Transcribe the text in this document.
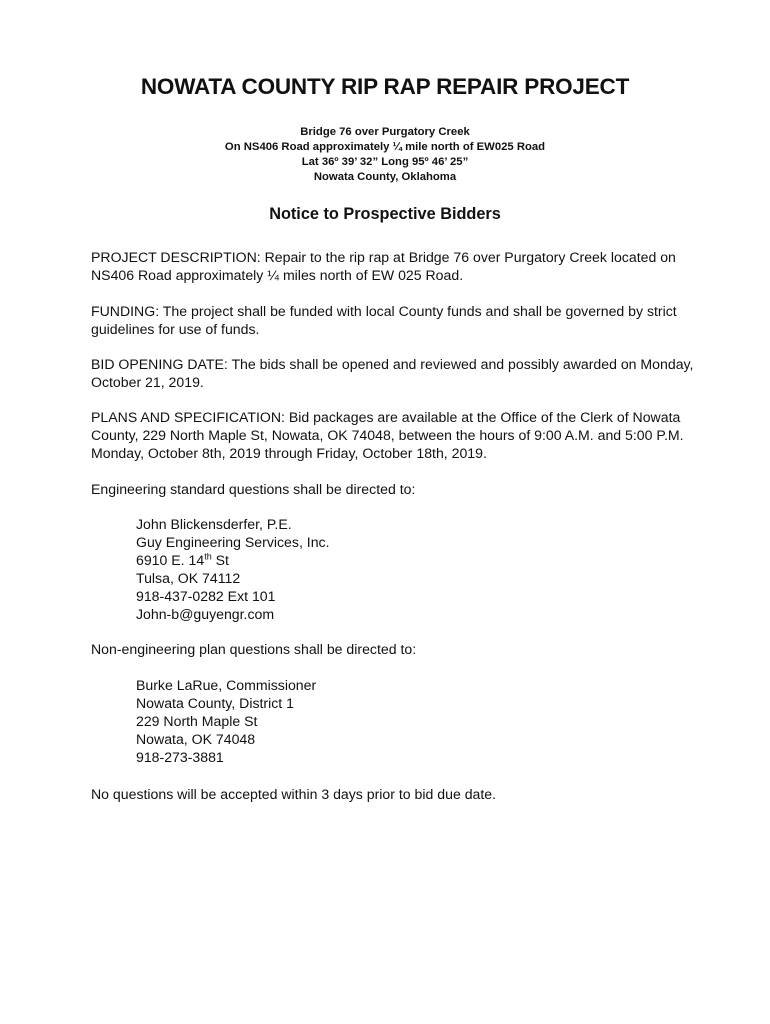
NOWATA COUNTY RIP RAP REPAIR PROJECT
Bridge 76 over Purgatory Creek
On NS406 Road approximately ¼ mile north of EW025 Road
Lat 36º 39’ 32” Long 95º 46’ 25”
Nowata County, Oklahoma
Notice to Prospective Bidders
PROJECT DESCRIPTION: Repair to the rip rap at Bridge 76 over Purgatory Creek located on NS406 Road approximately ¼ miles north of EW 025 Road.
FUNDING: The project shall be funded with local County funds and shall be governed by strict guidelines for use of funds.
BID OPENING DATE: The bids shall be opened and reviewed and possibly awarded on Monday, October 21, 2019.
PLANS AND SPECIFICATION: Bid packages are available at the Office of the Clerk of Nowata County, 229 North Maple St, Nowata, OK 74048, between the hours of 9:00 A.M. and 5:00 P.M. Monday, October 8th, 2019 through Friday, October 18th, 2019.
Engineering standard questions shall be directed to:
John Blickensderfer, P.E.
Guy Engineering Services, Inc.
6910 E. 14th St
Tulsa, OK 74112
918-437-0282 Ext 101
John-b@guyengr.com
Non-engineering plan questions shall be directed to:
Burke LaRue, Commissioner
Nowata County, District 1
229 North Maple St
Nowata, OK 74048
918-273-3881
No questions will be accepted within 3 days prior to bid due date.
